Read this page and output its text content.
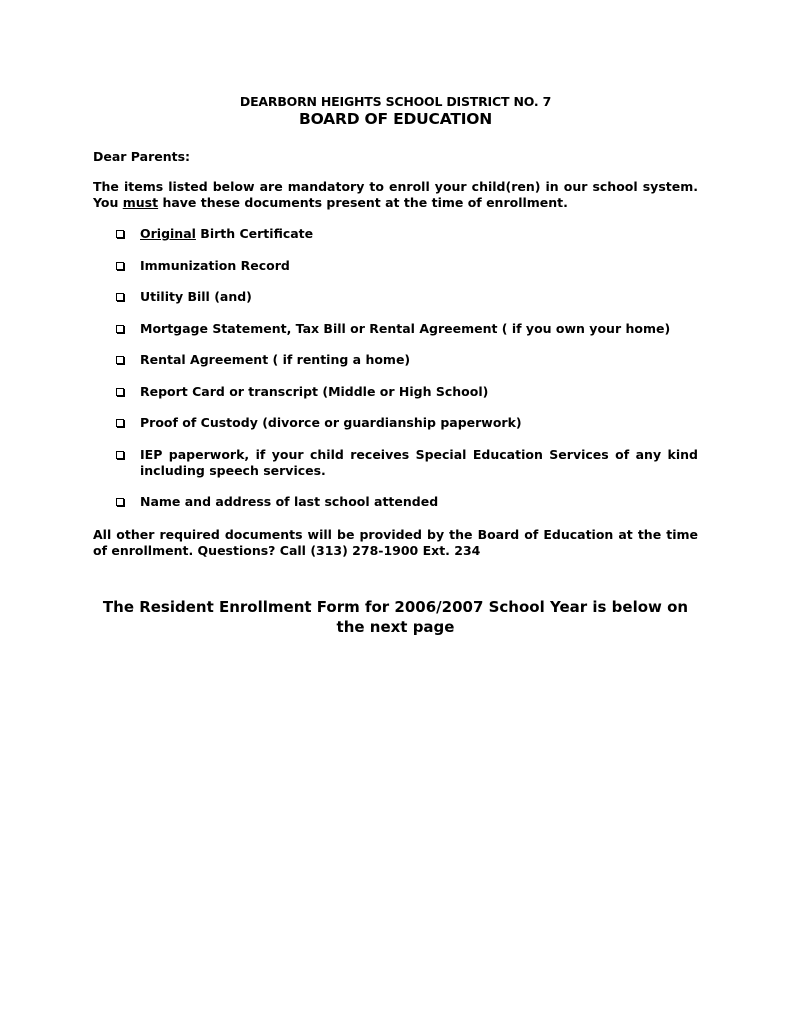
DEARBORN HEIGHTS SCHOOL DISTRICT NO. 7
BOARD OF EDUCATION
Dear Parents:
The items listed below are mandatory to enroll your child(ren) in our school system. You must have these documents present at the time of enrollment.
Original Birth Certificate
Immunization Record
Utility Bill (and)
Mortgage Statement, Tax Bill or Rental Agreement ( if you own your home)
Rental Agreement ( if renting a home)
Report Card or transcript (Middle or High School)
Proof of Custody (divorce or guardianship paperwork)
IEP paperwork, if your child receives Special Education Services of any kind including speech services.
Name and address of last school attended
All other required documents will be provided by the Board of Education at the time of enrollment. Questions? Call (313) 278-1900 Ext. 234
The Resident Enrollment Form for 2006/2007 School Year is below on the next page
